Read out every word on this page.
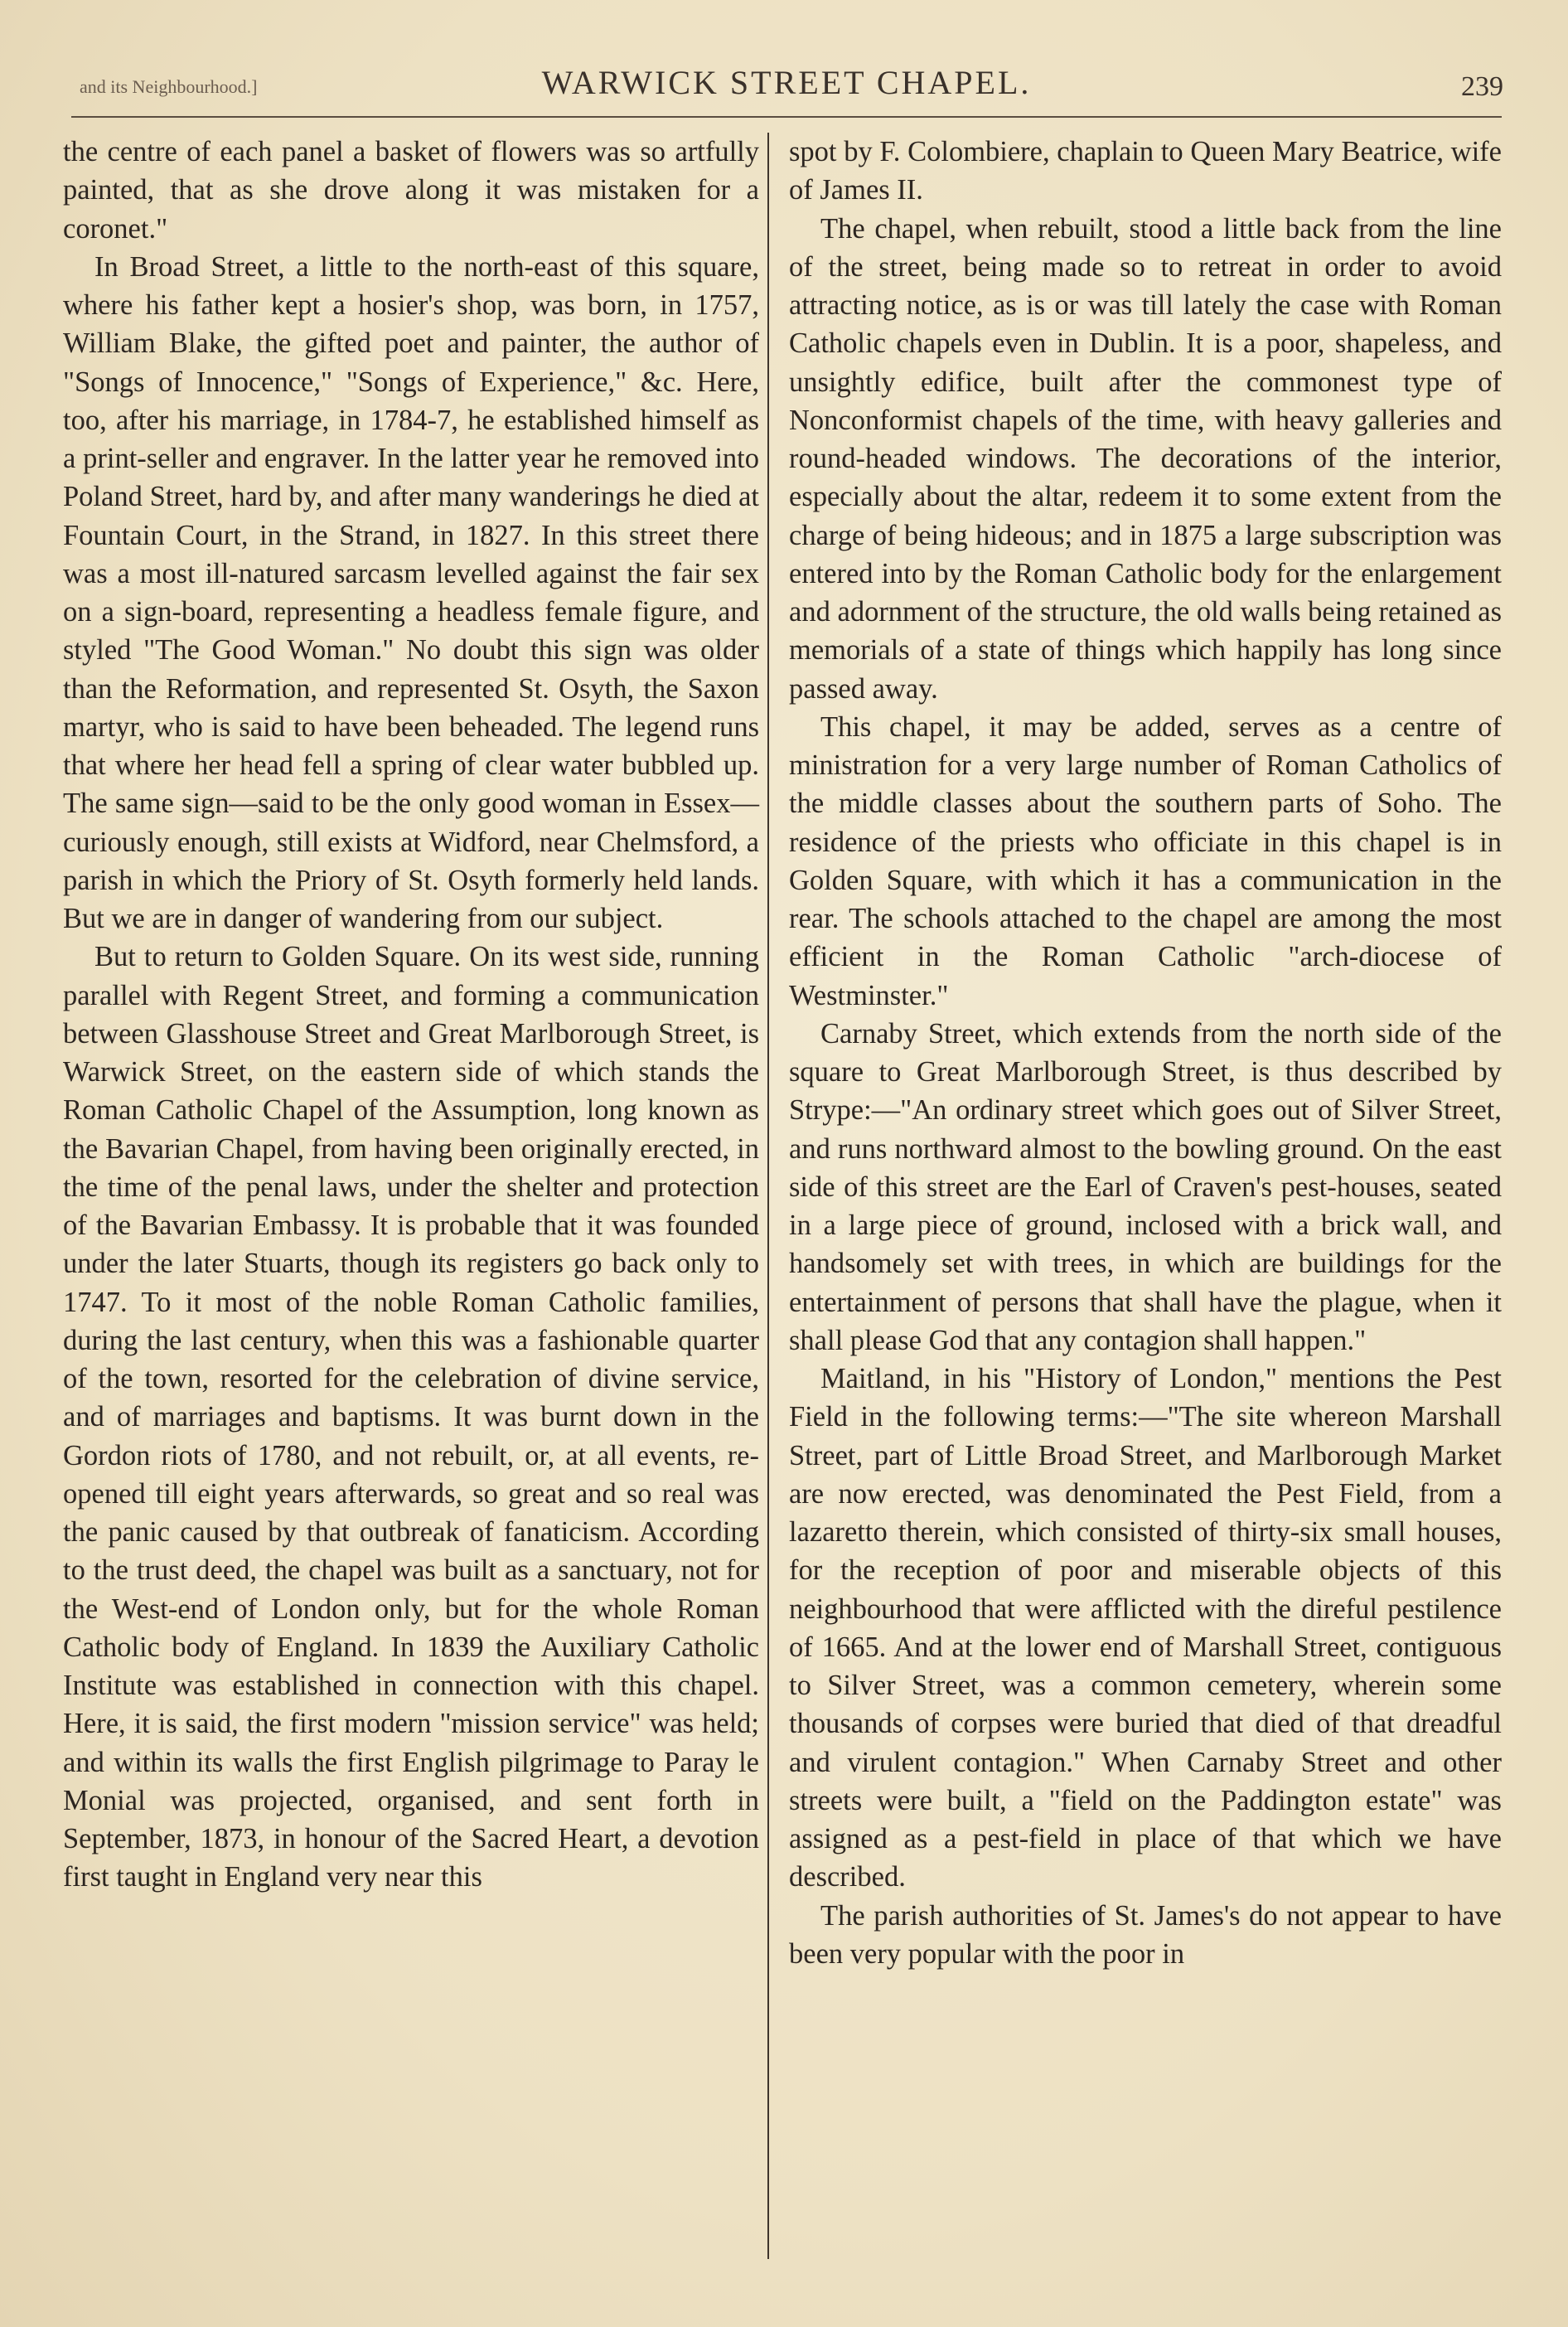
and its Neighbourhood.]	WARWICK STREET CHAPEL.	239

the centre of each panel a basket of flowers was so artfully painted, that as she drove along it was mistaken for a coronet."

In Broad Street, a little to the north-east of this square, where his father kept a hosier's shop, was born, in 1757, William Blake, the gifted poet and painter, the author of "Songs of Innocence," "Songs of Experience," &c. Here, too, after his marriage, in 1784-7, he established himself as a print-seller and engraver. In the latter year he removed into Poland Street, hard by, and after many wanderings he died at Fountain Court, in the Strand, in 1827. In this street there was a most ill-natured sarcasm levelled against the fair sex on a sign-board, representing a headless female figure, and styled "The Good Woman." No doubt this sign was older than the Reformation, and represented St. Osyth, the Saxon martyr, who is said to have been beheaded. The legend runs that where her head fell a spring of clear water bubbled up. The same sign—said to be the only good woman in Essex—curiously enough, still exists at Widford, near Chelmsford, a parish in which the Priory of St. Osyth formerly held lands. But we are in danger of wandering from our subject.

But to return to Golden Square. On its west side, running parallel with Regent Street, and forming a communication between Glasshouse Street and Great Marlborough Street, is Warwick Street, on the eastern side of which stands the Roman Catholic Chapel of the Assumption, long known as the Bavarian Chapel, from having been originally erected, in the time of the penal laws, under the shelter and protection of the Bavarian Embassy. It is probable that it was founded under the later Stuarts, though its registers go back only to 1747. To it most of the noble Roman Catholic families, during the last century, when this was a fashionable quarter of the town, resorted for the celebration of divine service, and of marriages and baptisms. It was burnt down in the Gordon riots of 1780, and not rebuilt, or, at all events, re-opened till eight years afterwards, so great and so real was the panic caused by that outbreak of fanaticism. According to the trust deed, the chapel was built as a sanctuary, not for the West-end of London only, but for the whole Roman Catholic body of England. In 1839 the Auxiliary Catholic Institute was established in connection with this chapel. Here, it is said, the first modern "mission service" was held; and within its walls the first English pilgrimage to Paray le Monial was projected, organised, and sent forth in September, 1873, in honour of the Sacred Heart, a devotion first taught in England very near this

spot by F. Colombiere, chaplain to Queen Mary Beatrice, wife of James II.

The chapel, when rebuilt, stood a little back from the line of the street, being made so to retreat in order to avoid attracting notice, as is or was till lately the case with Roman Catholic chapels even in Dublin. It is a poor, shapeless, and unsightly edifice, built after the commonest type of Nonconformist chapels of the time, with heavy galleries and round-headed windows. The decorations of the interior, especially about the altar, redeem it to some extent from the charge of being hideous; and in 1875 a large subscription was entered into by the Roman Catholic body for the enlargement and adornment of the structure, the old walls being retained as memorials of a state of things which happily has long since passed away.

This chapel, it may be added, serves as a centre of ministration for a very large number of Roman Catholics of the middle classes about the southern parts of Soho. The residence of the priests who officiate in this chapel is in Golden Square, with which it has a communication in the rear. The schools attached to the chapel are among the most efficient in the Roman Catholic "arch-diocese of Westminster."

Carnaby Street, which extends from the north side of the square to Great Marlborough Street, is thus described by Strype:—"An ordinary street which goes out of Silver Street, and runs northward almost to the bowling ground. On the east side of this street are the Earl of Craven's pest-houses, seated in a large piece of ground, inclosed with a brick wall, and handsomely set with trees, in which are buildings for the entertainment of persons that shall have the plague, when it shall please God that any contagion shall happen."

Maitland, in his "History of London," mentions the Pest Field in the following terms:—"The site whereon Marshall Street, part of Little Broad Street, and Marlborough Market are now erected, was denominated the Pest Field, from a lazaretto therein, which consisted of thirty-six small houses, for the reception of poor and miserable objects of this neighbourhood that were afflicted with the direful pestilence of 1665. And at the lower end of Marshall Street, contiguous to Silver Street, was a common cemetery, wherein some thousands of corpses were buried that died of that dreadful and virulent contagion." When Carnaby Street and other streets were built, a "field on the Paddington estate" was assigned as a pest-field in place of that which we have described.

The parish authorities of St. James's do not appear to have been very popular with the poor in
